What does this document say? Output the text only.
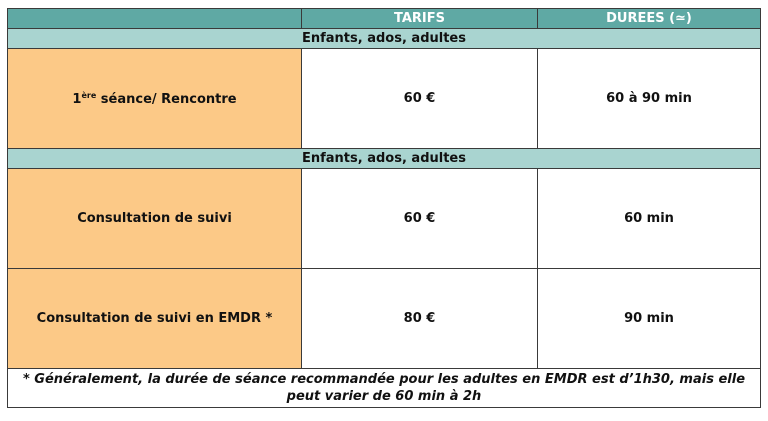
	TARIFS	DUREES (≃)
Enfants, ados, adultes		
1ère séance/ Rencontre	60 €	60 à 90 min
Enfants, ados, adultes		
Consultation de suivi	60 €	60 min
Consultation de suivi en EMDR *	80 €	90 min
* Généralement, la durée de séance recommandée pour les adultes en EMDR est d’1h30, mais elle peut varier de 60 min à 2h		
